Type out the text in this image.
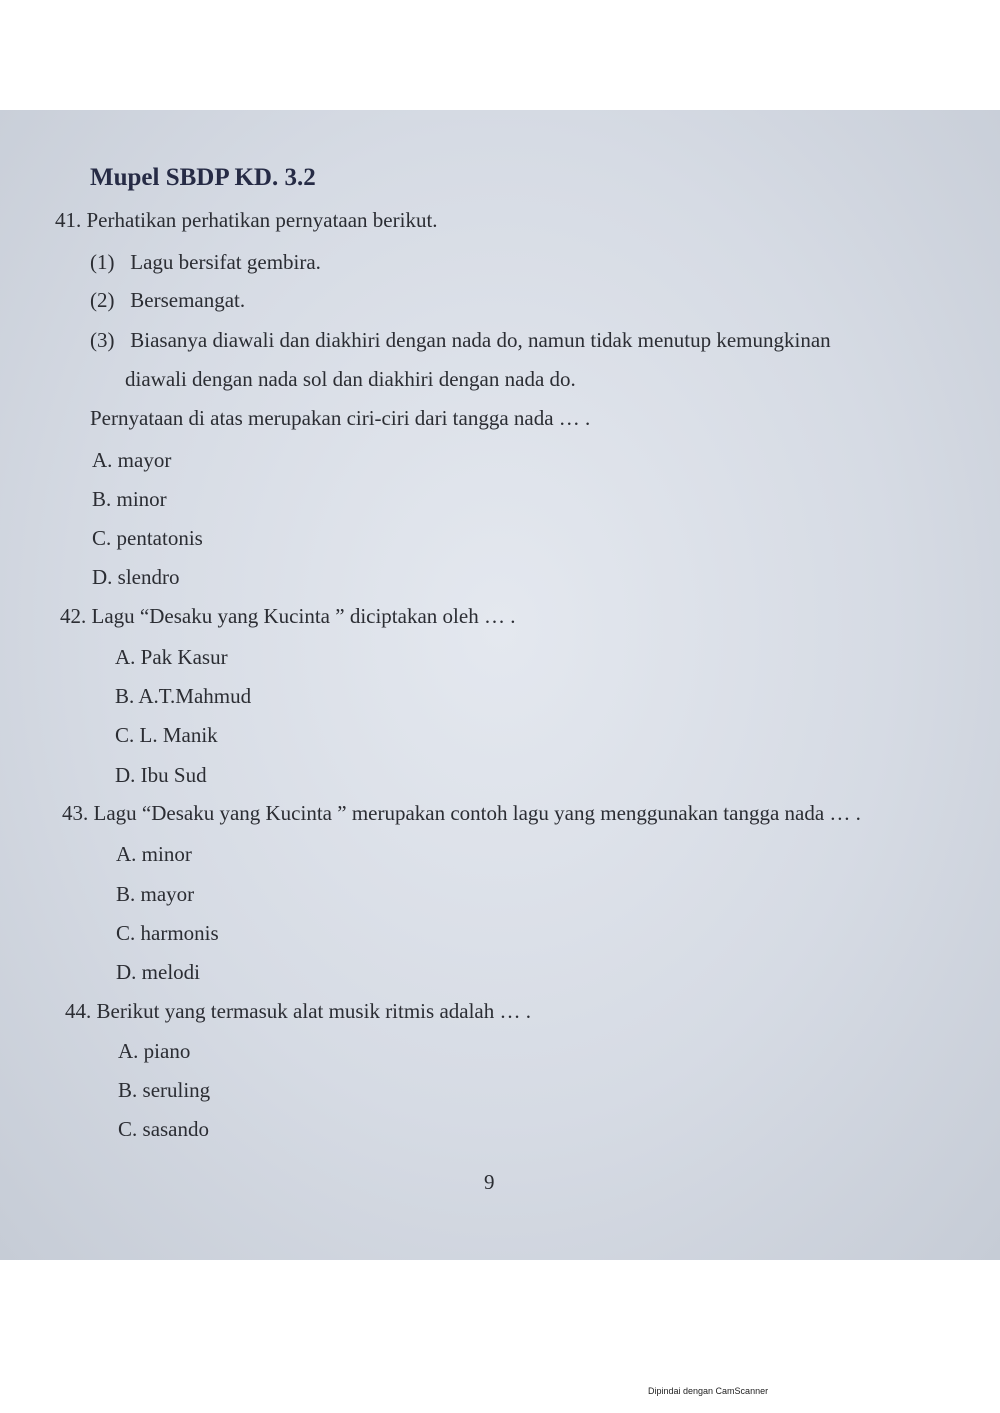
Mupel SBDP KD. 3.2
41. Perhatikan perhatikan pernyataan berikut.
(1) Lagu bersifat gembira.
(2) Bersemangat.
(3) Biasanya diawali dan diakhiri dengan nada do, namun tidak menutup kemungkinan
diawali dengan nada sol dan diakhiri dengan nada do.
Pernyataan di atas merupakan ciri-ciri dari tangga nada … .
A. mayor
B. minor
C. pentatonis
D. slendro
42. Lagu “Desaku yang Kucinta ” diciptakan oleh … .
A. Pak Kasur
B. A.T.Mahmud
C. L. Manik
D. Ibu Sud
43. Lagu “Desaku yang Kucinta ” merupakan contoh lagu yang menggunakan tangga nada … .
A. minor
B. mayor
C. harmonis
D. melodi
44. Berikut yang termasuk alat musik ritmis adalah … .
A. piano
B. seruling
C. sasando
9
Dipindai dengan CamScanner
